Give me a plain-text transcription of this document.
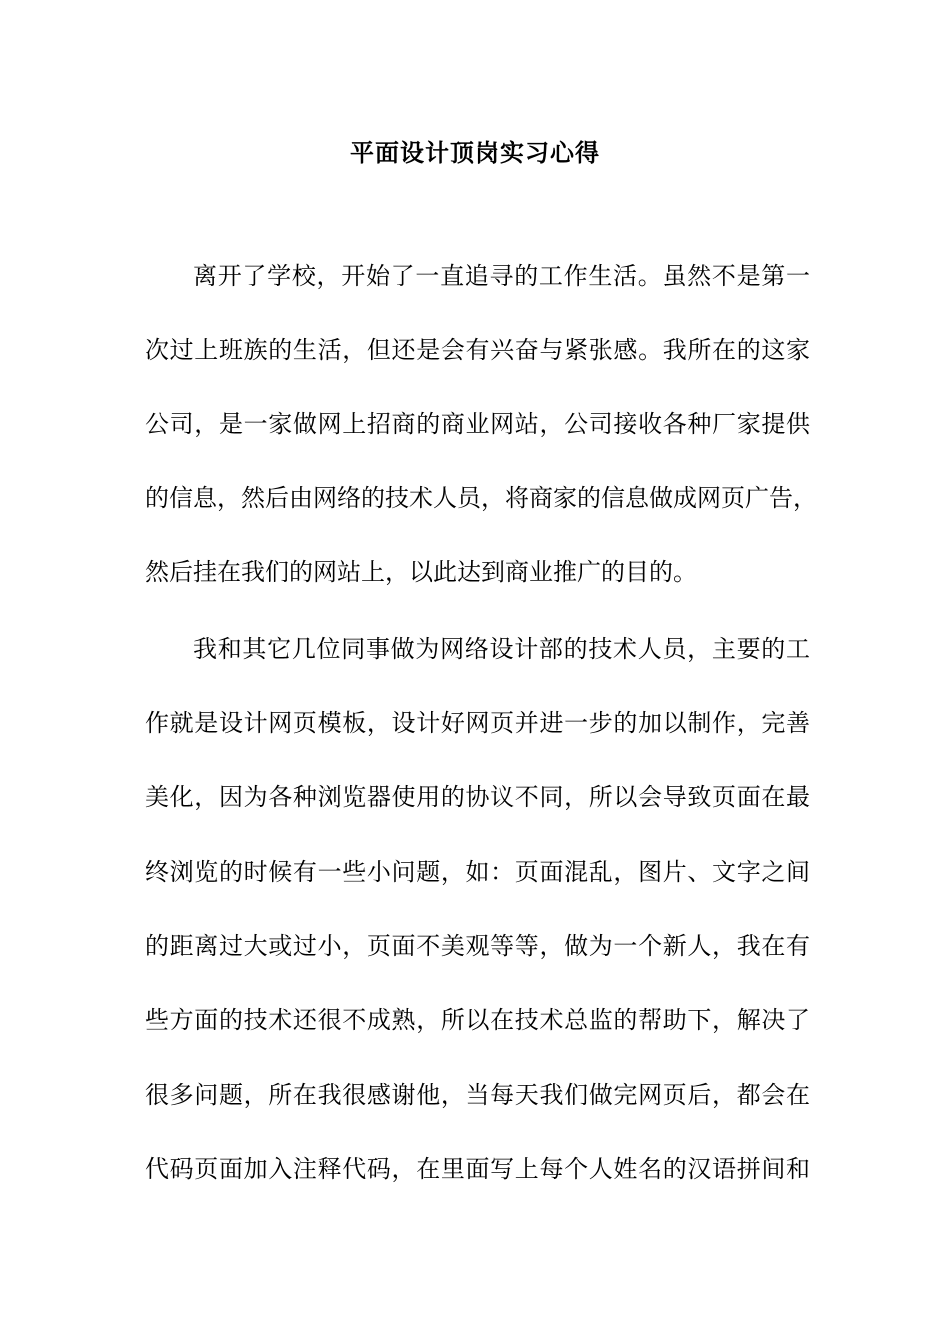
平面设计顶岗实习心得
离开了学校，开始了一直追寻的工作生活。虽然不是第一
次过上班族的生活，但还是会有兴奋与紧张感。我所在的这家
公司，是一家做网上招商的商业网站，公司接收各种厂家提供
的信息，然后由网络的技术人员，将商家的信息做成网页广告，
然后挂在我们的网站上，以此达到商业推广的目的。
我和其它几位同事做为网络设计部的技术人员，主要的工
作就是设计网页模板，设计好网页并进一步的加以制作，完善
美化，因为各种浏览器使用的协议不同，所以会导致页面在最
终浏览的时候有一些小问题，如：页面混乱，图片、文字之间
的距离过大或过小，页面不美观等等，做为一个新人，我在有
些方面的技术还很不成熟，所以在技术总监的帮助下，解决了
很多问题，所在我很感谢他，当每天我们做完网页后，都会在
代码页面加入注释代码，在里面写上每个人姓名的汉语拼间和
